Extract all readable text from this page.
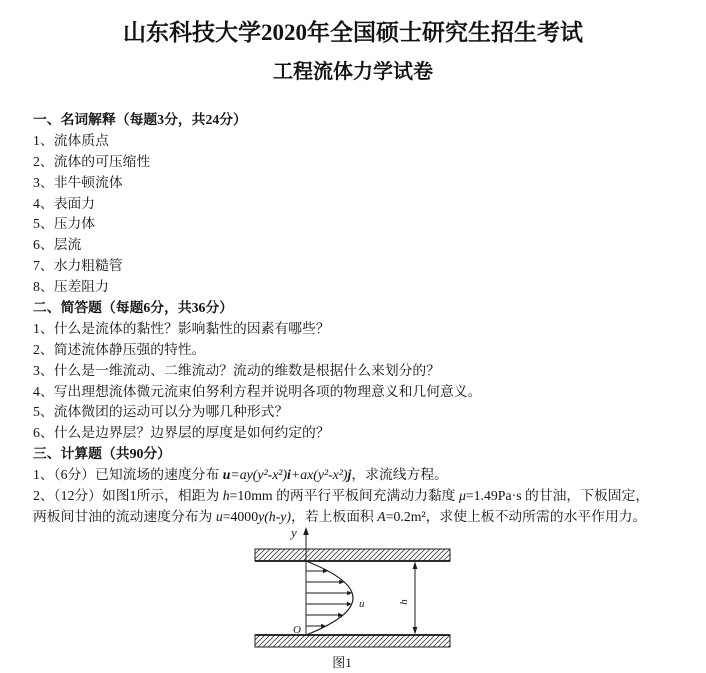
山东科技大学2020年全国硕士研究生招生考试
工程流体力学试卷
一、名词解释（每题3分，共24分）
1、流体质点
2、流体的可压缩性
3、非牛顿流体
4、表面力
5、压力体
6、层流
7、水力粗糙管
8、压差阻力
二、简答题（每题6分，共36分）
1、什么是流体的黏性？影响黏性的因素有哪些？
2、简述流体静压强的特性。
3、什么是一维流动、二维流动？流动的维数是根据什么来划分的？
4、写出理想流体微元流束伯努利方程并说明各项的物理意义和几何意义。
5、流体微团的运动可以分为哪几种形式？
6、什么是边界层？边界层的厚度是如何约定的？
三、计算题（共90分）
1、（6分）已知流场的速度分布 u=ay(y²-x²)i+ax(y²-x²)j，求流线方程。
2、（12分）如图1所示，相距为 h=10mm 的两平行平板间充满动力黏度 μ=1.49Pa·s 的甘油，下板固定，
两板间甘油的流动速度分布为 u=4000y(h-y)，若上板面积 A=0.2m²，求使上板不动所需的水平作用力。
y
u
O
h
图1
